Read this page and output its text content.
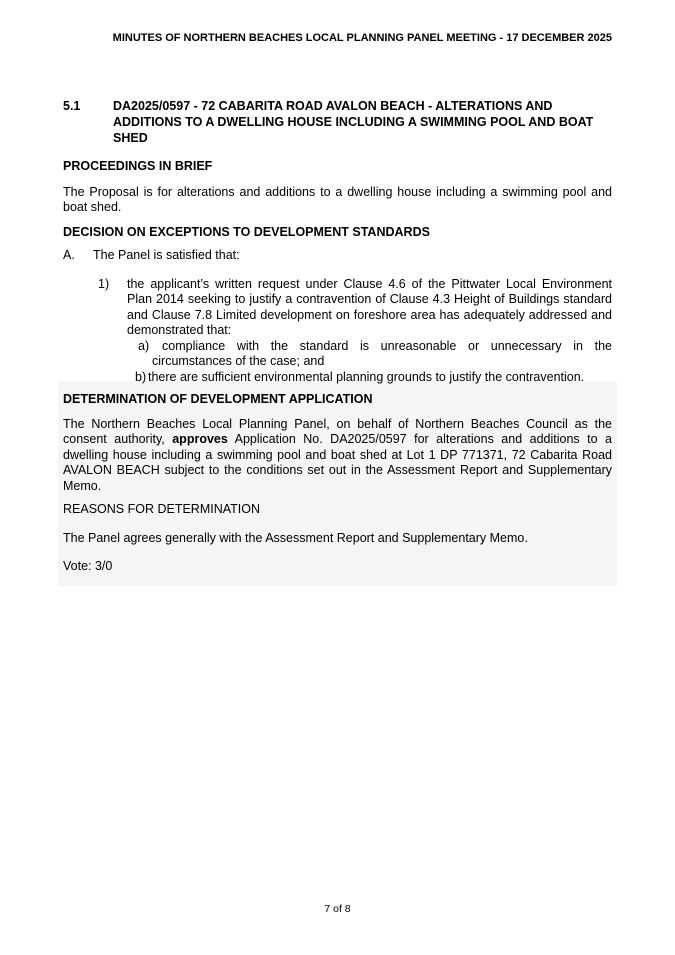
MINUTES OF NORTHERN BEACHES LOCAL PLANNING PANEL MEETING - 17 DECEMBER 2025
5.1	DA2025/0597 - 72 CABARITA ROAD AVALON BEACH - ALTERATIONS AND ADDITIONS TO A DWELLING HOUSE INCLUDING A SWIMMING POOL AND BOAT SHED
PROCEEDINGS IN BRIEF

The Proposal is for alterations and additions to a dwelling house including a swimming pool and boat shed.

DECISION ON EXCEPTIONS TO DEVELOPMENT STANDARDS
A.	The Panel is satisfied that:
1)	the applicant’s written request under Clause 4.6 of the Pittwater Local Environment Plan 2014 seeking to justify a contravention of Clause 4.3 Height of Buildings standard and Clause 7.8 Limited development on foreshore area has adequately addressed and demonstrated that:
a)	compliance with the standard is unreasonable or unnecessary in the circumstances of the case; and
b) there are sufficient environmental planning grounds to justify the contravention.
DETERMINATION OF DEVELOPMENT APPLICATION

The Northern Beaches Local Planning Panel, on behalf of Northern Beaches Council as the consent authority, approves Application No. DA2025/0597 for alterations and additions to a dwelling house including a swimming pool and boat shed at Lot 1 DP 771371, 72 Cabarita Road AVALON BEACH subject to the conditions set out in the Assessment Report and Supplementary Memo.

REASONS FOR DETERMINATION

The Panel agrees generally with the Assessment Report and Supplementary Memo.

Vote: 3/0

7 of 8
